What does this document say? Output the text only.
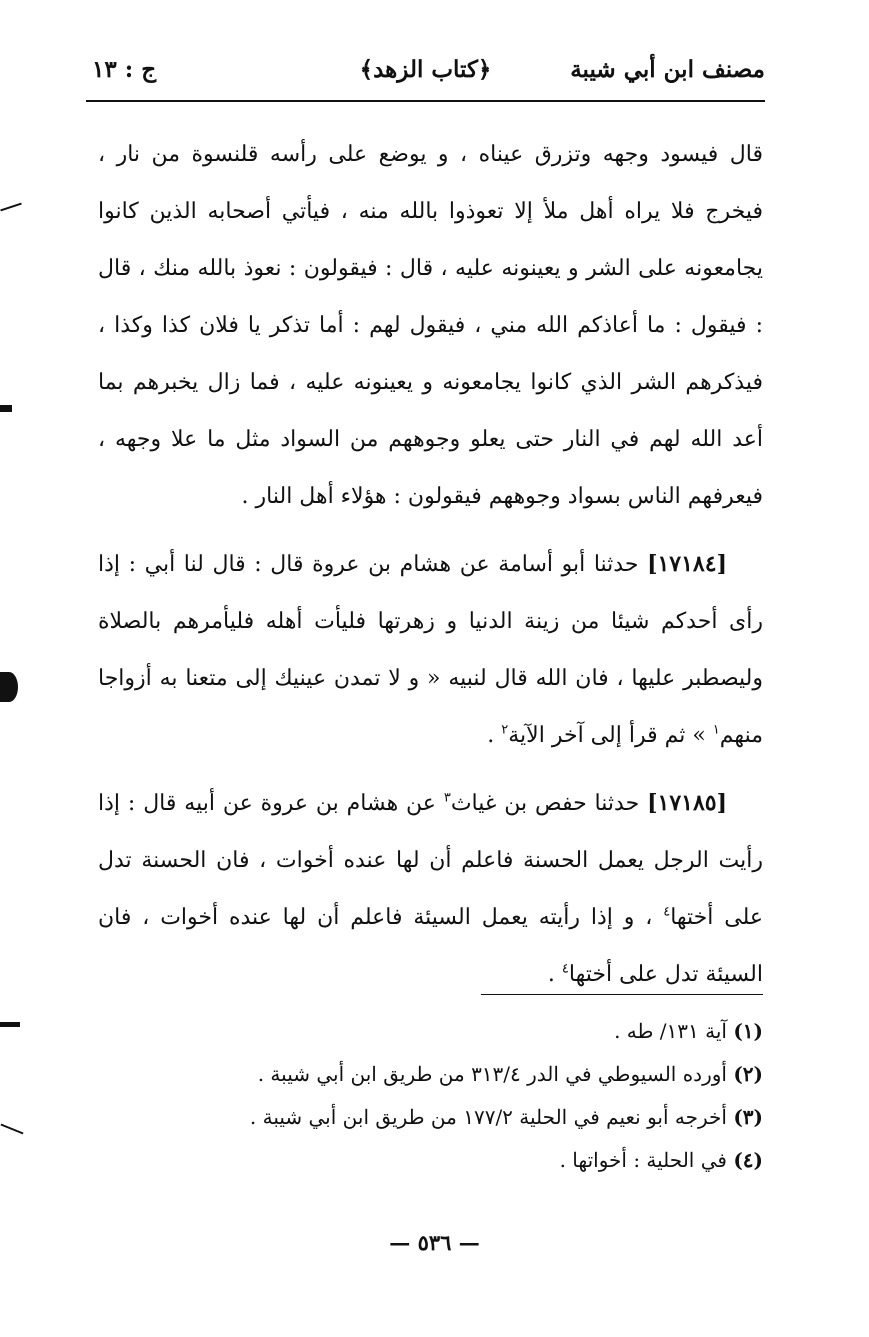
مصنف ابن أبي شيبة
﴿كتاب الزهد﴾
ج : ١٣

قال فيسود وجهه وتزرق عيناه ، و يوضع على رأسه قلنسوة من نار ، فيخرج فلا يراه أهل ملأ إلا تعوذوا بالله منه ، فيأتي أصحابه الذين كانوا يجامعونه على الشر و يعينونه عليه ، قال : فيقولون : نعوذ بالله منك ، قال : فيقول : ما أعاذكم الله مني ، فيقول لهم : أما تذكر يا فلان كذا وكذا ، فيذكرهم الشر الذي كانوا يجامعونه و يعينونه عليه ، فما زال يخبرهم بما أعد الله لهم في النار حتى يعلو وجوههم من السواد مثل ما علا وجهه ، فيعرفهم الناس بسواد وجوههم فيقولون : هؤلاء أهل النار .

[١٧١٨٤] حدثنا أبو أسامة عن هشام بن عروة قال : قال لنا أبي : إذا رأى أحدكم شيئا من زينة الدنيا و زهرتها فليأت أهله فليأمرهم بالصلاة وليصطبر عليها ، فان الله قال لنبيه « و لا تمدن عينيك إلى متعنا به أزواجا منهم$^١$ » ثم قرأ إلى آخر الآية$^٢$ .

[١٧١٨٥] حدثنا حفص بن غياث$^٣$ عن هشام بن عروة عن أبيه قال : إذا رأيت الرجل يعمل الحسنة فاعلم أن لها عنده أخوات ، فان الحسنة تدل على أختها$^٤$ ، و إذا رأيته يعمل السيئة فاعلم أن لها عنده أخوات ، فان السيئة تدل على أختها$^٤$ .

(١) آية ١٣١/ طه .
(٢) أورده السيوطي في الدر ٣١٣/٤ من طريق ابن أبي شيبة .
(٣) أخرجه أبو نعيم في الحلية ١٧٧/٢ من طريق ابن أبي شيبة .
(٤) في الحلية : أخواتها .
— ٥٣٦ —
